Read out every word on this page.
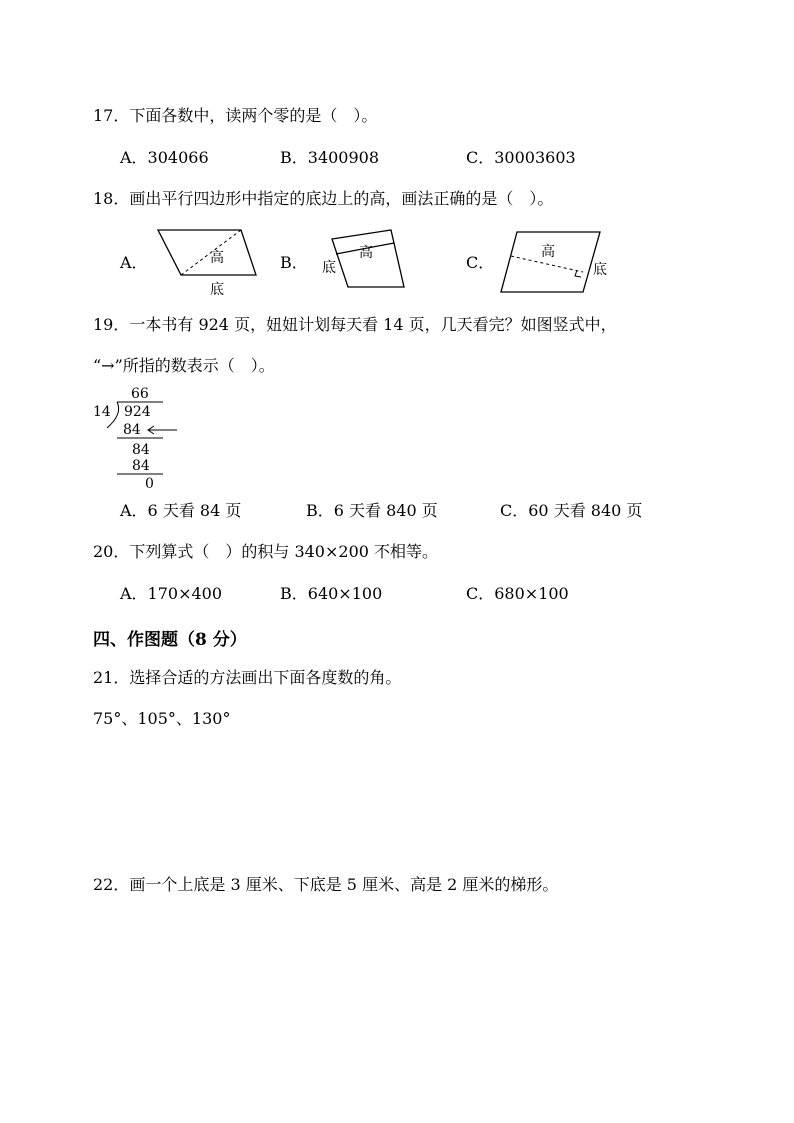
17．下面各数中，读两个零的是（　）。
A．304066	B．3400908	C．30003603
18．画出平行四边形中指定的底边上的高，画法正确的是（　）。
A．	B．	C．
高
底
高
底
高
底
19．一本书有 924 页，妞妞计划每天看 14 页，几天看完？如图竖式中，
“→”所指的数表示（　）。
66
14 924
84
84
84
0
A．6 天看 84 页	B．6 天看 840 页	C．60 天看 840 页
20．下列算式（　）的积与 340×200 不相等。
A．170×400	B．640×100	C．680×100
四、作图题（8 分）
21．选择合适的方法画出下面各度数的角。
75°、105°、130°
22．画一个上底是 3 厘米、下底是 5 厘米、高是 2 厘米的梯形。
